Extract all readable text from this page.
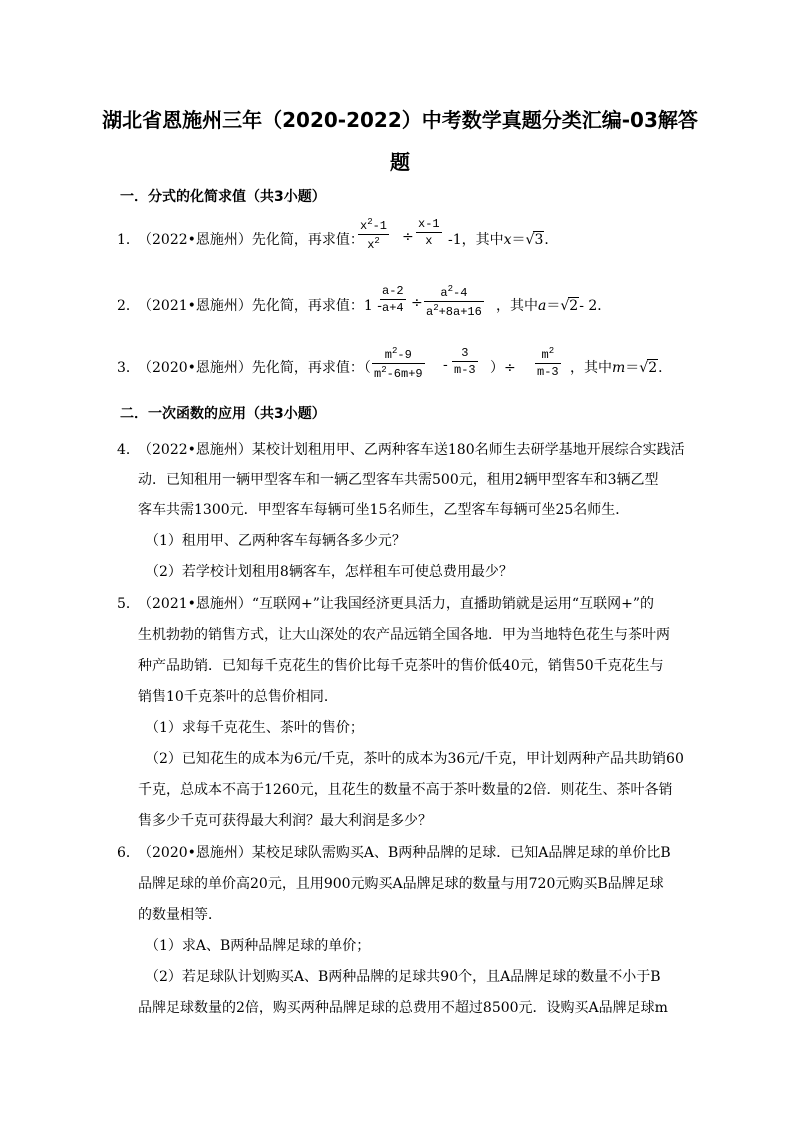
湖北省恩施州三年（2020-2022）中考数学真题分类汇编-03解答
题
一．分式的化简求值（共3小题）
1．
（2022•恩施州）先化简，再求值：
$x^2-1$
$x^2$	÷
x-1
x	-1，其中x＝√3．
2．
（2021•恩施州）先化简，再求值：1 -
a-2
a+4 ÷
$a^2-4$
$a^2+8a+16$ ，其中a＝√2- 2．
3．
（2020•恩施州）先化简，再求值：（
$m^2-9$
$m^2-6m+9$
-
3
m-3 ）÷
$m^2$
m-3 ，其中m＝√2．
二．一次函数的应用（共3小题）
4．
（2022•恩施州）某校计划租用甲、乙两种客车送180名师生去研学基地开展综合实践活
动．已知租用一辆甲型客车和一辆乙型客车共需500元，租用2辆甲型客车和3辆乙型
客车共需1300元．甲型客车每辆可坐15名师生，乙型客车每辆可坐25名师生．
（1）租用甲、乙两种客车每辆各多少元？
（2）若学校计划租用8辆客车，怎样租车可使总费用最少？
5．
（2021•恩施州）“互联网+”让我国经济更具活力，直播助销就是运用“互联网+”的
生机勃勃的销售方式，让大山深处的农产品远销全国各地．甲为当地特色花生与茶叶两
种产品助销．已知每千克花生的售价比每千克茶叶的售价低40元，销售50千克花生与
销售10千克茶叶的总售价相同．
（1）求每千克花生、茶叶的售价；
（2）已知花生的成本为6元/千克，茶叶的成本为36元/千克，甲计划两种产品共助销60
千克，总成本不高于1260元，且花生的数量不高于茶叶数量的2倍．则花生、茶叶各销
售多少千克可获得最大利润？最大利润是多少？
6．
（2020•恩施州）某校足球队需购买A、B两种品牌的足球．已知A品牌足球的单价比B
品牌足球的单价高20元，且用900元购买A品牌足球的数量与用720元购买B品牌足球
的数量相等．
（1）求A、B两种品牌足球的单价；
（2）若足球队计划购买A、B两种品牌的足球共90个，且A品牌足球的数量不小于B
品牌足球数量的2倍，购买两种品牌足球的总费用不超过8500元．设购买A品牌足球m
